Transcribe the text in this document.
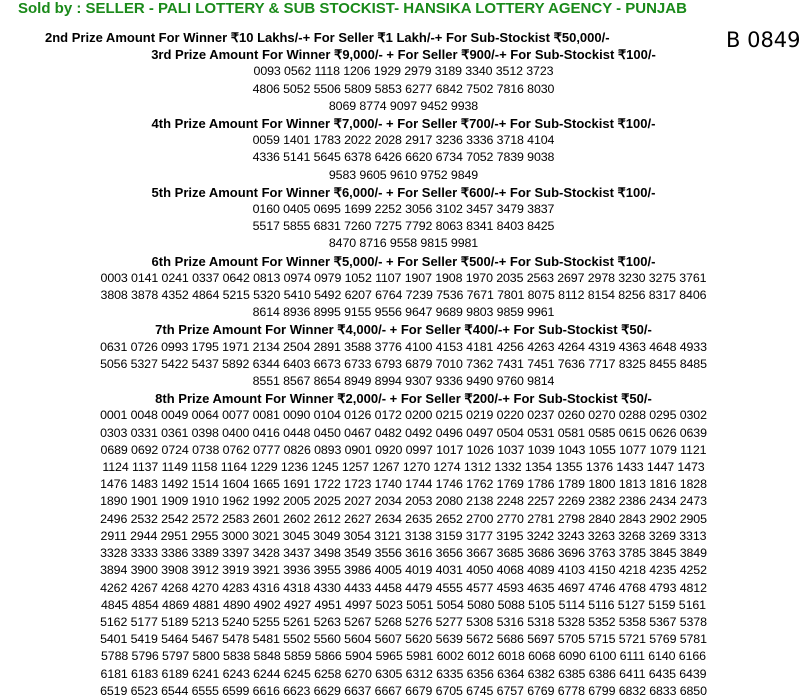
Sold by : SELLER - PALI LOTTERY & SUB STOCKIST- HANSIKA LOTTERY AGENCY - PUNJAB
B 0849
2nd Prize Amount For Winner ₹10 Lakhs/-+ For Seller ₹1 Lakh/-+ For Sub-Stockist ₹50,000/-
3rd Prize Amount For Winner ₹9,000/- + For Seller ₹900/-+ For Sub-Stockist ₹100/-
0093 0562 1118 1206 1929 2979 3189 3340 3512 3723
4806 5052 5506 5809 5853 6277 6842 7502 7816 8030
8069 8774 9097 9452 9938
4th Prize Amount For Winner ₹7,000/- + For Seller ₹700/-+ For Sub-Stockist ₹100/-
0059 1401 1783 2022 2028 2917 3236 3336 3718 4104
4336 5141 5645 6378 6426 6620 6734 7052 7839 9038
9583 9605 9610 9752 9849
5th Prize Amount For Winner ₹6,000/- + For Seller ₹600/-+ For Sub-Stockist ₹100/-
0160 0405 0695 1699 2252 3056 3102 3457 3479 3837
5517 5855 6831 7260 7275 7792 8063 8341 8403 8425
8470 8716 9558 9815 9981
6th Prize Amount For Winner ₹5,000/- + For Seller ₹500/-+ For Sub-Stockist ₹100/-
0003 0141 0241 0337 0642 0813 0974 0979 1052 1107 1907 1908 1970 2035 2563 2697 2978 3230 3275 3761
3808 3878 4352 4864 5215 5320 5410 5492 6207 6764 7239 7536 7671 7801 8075 8112 8154 8256 8317 8406
8614 8936 8995 9155 9556 9647 9689 9803 9859 9961
7th Prize Amount For Winner ₹4,000/- + For Seller ₹400/-+ For Sub-Stockist ₹50/-
0631 0726 0993 1795 1971 2134 2504 2891 3588 3776 4100 4153 4181 4256 4263 4264 4319 4363 4648 4933
5056 5327 5422 5437 5892 6344 6403 6673 6733 6793 6879 7010 7362 7431 7451 7636 7717 8325 8455 8485
8551 8567 8654 8949 8994 9307 9336 9490 9760 9814
8th Prize Amount For Winner ₹2,000/- + For Seller ₹200/-+ For Sub-Stockist ₹50/-
0001 0048 0049 0064 0077 0081 0090 0104 0126 0172 0200 0215 0219 0220 0237 0260 0270 0288 0295 0302
0303 0331 0361 0398 0400 0416 0448 0450 0467 0482 0492 0496 0497 0504 0531 0581 0585 0615 0626 0639
0689 0692 0724 0738 0762 0777 0826 0893 0901 0920 0997 1017 1026 1037 1039 1043 1055 1077 1079 1121
1124 1137 1149 1158 1164 1229 1236 1245 1257 1267 1270 1274 1312 1332 1354 1355 1376 1433 1447 1473
1476 1483 1492 1514 1604 1665 1691 1722 1723 1740 1744 1746 1762 1769 1786 1789 1800 1813 1816 1828
1890 1901 1909 1910 1962 1992 2005 2025 2027 2034 2053 2080 2138 2248 2257 2269 2382 2386 2434 2473
2496 2532 2542 2572 2583 2601 2602 2612 2627 2634 2635 2652 2700 2770 2781 2798 2840 2843 2902 2905
2911 2944 2951 2955 3000 3021 3045 3049 3054 3121 3138 3159 3177 3195 3242 3243 3263 3268 3269 3313
3328 3333 3386 3389 3397 3428 3437 3498 3549 3556 3616 3656 3667 3685 3686 3696 3763 3785 3845 3849
3894 3900 3908 3912 3919 3921 3936 3955 3986 4005 4019 4031 4050 4068 4089 4103 4150 4218 4235 4252
4262 4267 4268 4270 4283 4316 4318 4330 4433 4458 4479 4555 4577 4593 4635 4697 4746 4768 4793 4812
4845 4854 4869 4881 4890 4902 4927 4951 4997 5023 5051 5054 5080 5088 5105 5114 5116 5127 5159 5161
5162 5177 5189 5213 5240 5255 5261 5263 5267 5268 5276 5277 5308 5316 5318 5328 5352 5358 5367 5378
5401 5419 5464 5467 5478 5481 5502 5560 5604 5607 5620 5639 5672 5686 5697 5705 5715 5721 5769 5781
5788 5796 5797 5800 5838 5848 5859 5866 5904 5965 5981 6002 6012 6018 6068 6090 6100 6111 6140 6166
6181 6183 6189 6241 6243 6244 6245 6258 6270 6305 6312 6335 6356 6364 6382 6385 6386 6411 6435 6439
6519 6523 6544 6555 6599 6616 6623 6629 6637 6667 6679 6705 6745 6757 6769 6778 6799 6832 6833 6850
